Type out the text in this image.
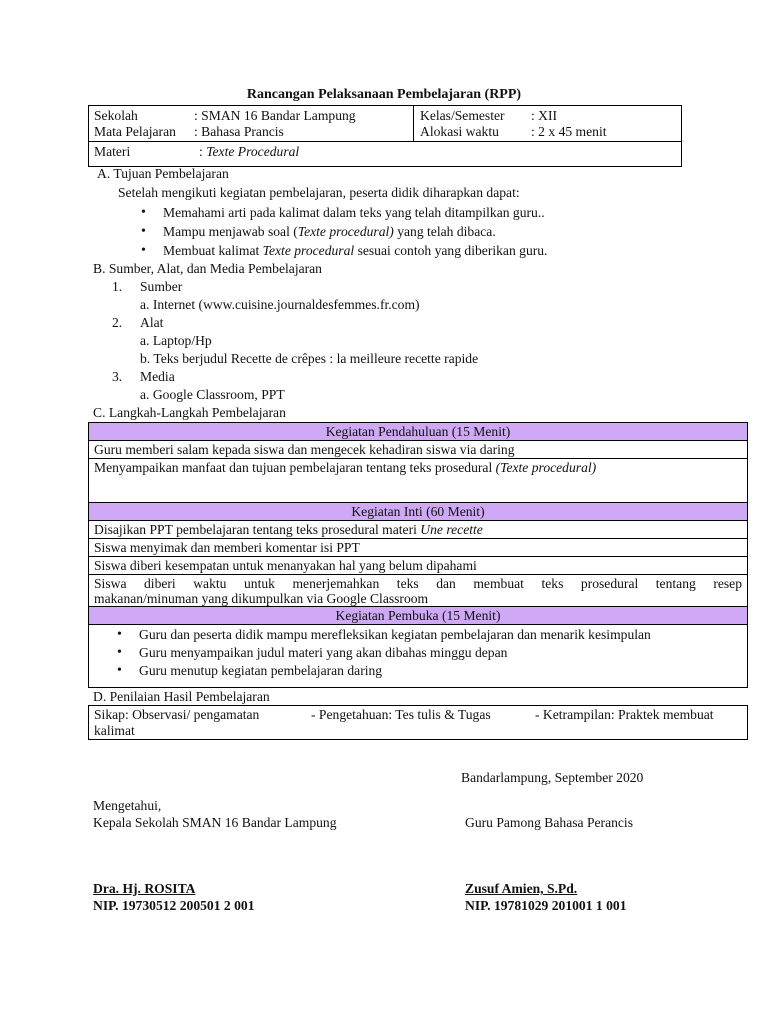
Rancangan Pelaksanaan Pembelajaran (RPP)
Sekolah	: SMAN 16 Bandar Lampung
Mata Pelajaran : Bahasa Prancis
Kelas/Semester : XII
Alokasi waktu : 2 x 45 menit
Materi	: Texte Procedural
A. Tujuan Pembelajaran
Setelah mengikuti kegiatan pembelajaran, peserta didik diharapkan dapat:
• Memahami arti pada kalimat dalam teks yang telah ditampilkan guru..
• Mampu menjawab soal (Texte procedural) yang telah dibaca.
• Membuat kalimat Texte procedural sesuai contoh yang diberikan guru.
B. Sumber, Alat, dan Media Pembelajaran
1. Sumber
a. Internet (www.cuisine.journaldesfemmes.fr.com)
2. Alat
a. Laptop/Hp
b. Teks berjudul Recette de crêpes : la meilleure recette rapide
3. Media
a. Google Classroom, PPT
C. Langkah-Langkah Pembelajaran
Kegiatan Pendahuluan (15 Menit)
Guru memberi salam kepada siswa dan mengecek kehadiran siswa via daring
Menyampaikan manfaat dan tujuan pembelajaran tentang teks prosedural (Texte procedural)
Kegiatan Inti (60 Menit)
Disajikan PPT pembelajaran tentang teks prosedural materi Une recette
Siswa menyimak dan memberi komentar isi PPT
Siswa diberi kesempatan untuk menanyakan hal yang belum dipahami
Siswa diberi waktu untuk menerjemahkan teks dan membuat teks prosedural tentang resep
makanan/minuman yang dikumpulkan via Google Classroom
Kegiatan Pembuka (15 Menit)
• Guru dan peserta didik mampu merefleksikan kegiatan pembelajaran dan menarik kesimpulan
• Guru menyampaikan judul materi yang akan dibahas minggu depan
• Guru menutup kegiatan pembelajaran daring
D. Penilaian Hasil Pembelajaran
Sikap: Observasi/ pengamatan	- Pengetahuan: Tes tulis & Tugas	- Ketrampilan: Praktek membuat
kalimat
Bandarlampung, September 2020
Mengetahui,
Kepala Sekolah SMAN 16 Bandar Lampung	Guru Pamong Bahasa Perancis
Dra. Hj. ROSITA
NIP. 19730512 200501 2 001
Zusuf Amien, S.Pd.
NIP. 19781029 201001 1 001
